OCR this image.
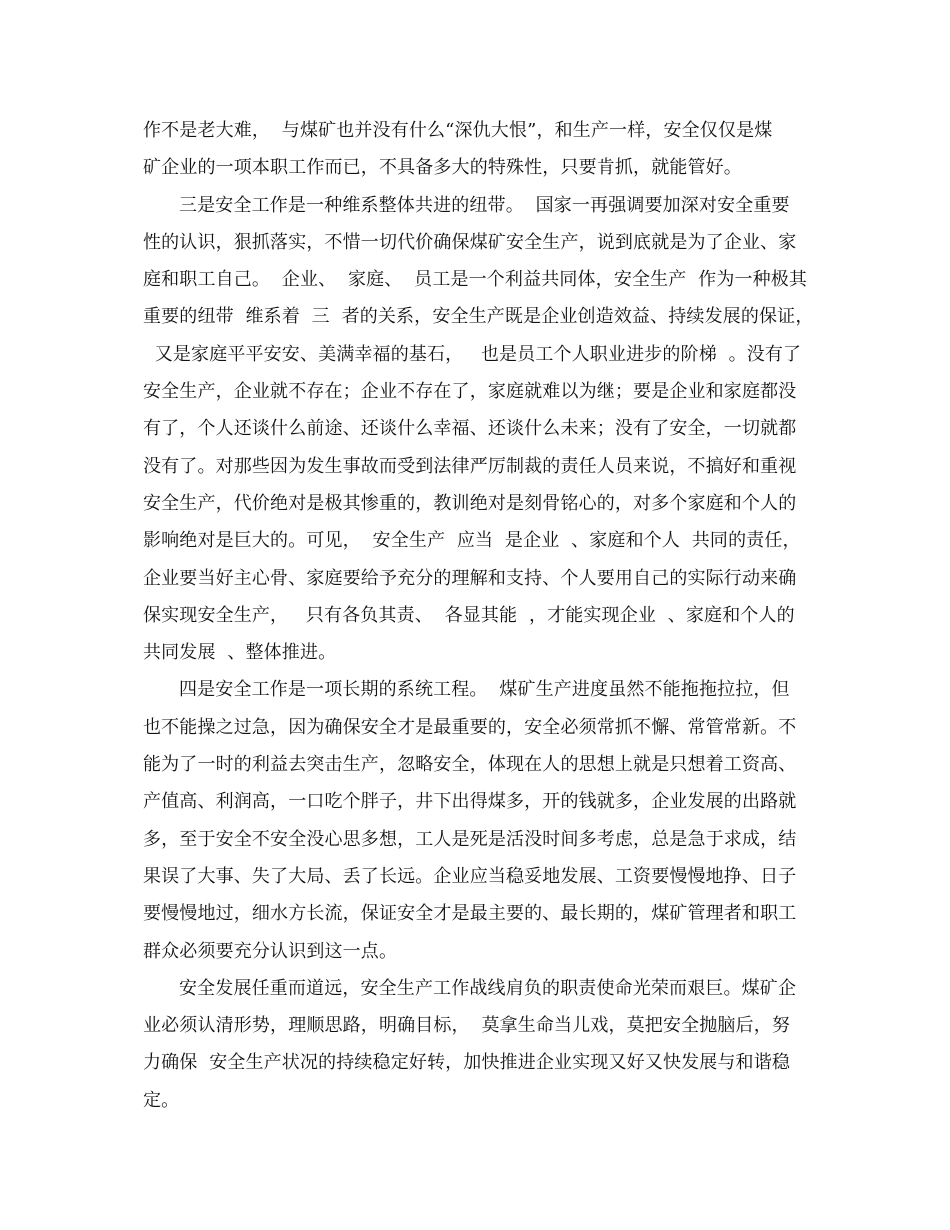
作不是老大难，  与煤矿也并没有什么“深仇大恨”，和生产一样，安全仅仅是煤
矿企业的一项本职工作而已，不具备多大的特殊性，只要肯抓，就能管好。
三是安全工作是一种维系整体共进的纽带。  国家一再强调要加深对安全重要
性的认识，狠抓落实，不惜一切代价确保煤矿安全生产，说到底就是为了企业、家
庭和职工自己。  企业、  家庭、  员工是一个利益共同体，安全生产  作为一种极其
重要的纽带  维系着  三  者的关系，安全生产既是企业创造效益、持续发展的保证，
又是家庭平平安安、美满幸福的基石，   也是员工个人职业进步的阶梯  。没有了
安全生产，企业就不存在；企业不存在了，家庭就难以为继；要是企业和家庭都没
有了，个人还谈什么前途、还谈什么幸福、还谈什么未来；没有了安全，一切就都
没有了。对那些因为发生事故而受到法律严厉制裁的责任人员来说，不搞好和重视
安全生产，代价绝对是极其惨重的，教训绝对是刻骨铭心的，对多个家庭和个人的
影响绝对是巨大的。可见，  安全生产  应当  是企业  、家庭和个人  共同的责任，
企业要当好主心骨、家庭要给予充分的理解和支持、个人要用自己的实际行动来确
保实现安全生产，   只有各负其责、  各显其能  ，才能实现企业  、家庭和个人的
共同发展  、整体推进。
四是安全工作是一项长期的系统工程。  煤矿生产进度虽然不能拖拖拉拉，但
也不能操之过急，因为确保安全才是最重要的，安全必须常抓不懈、常管常新。不
能为了一时的利益去突击生产，忽略安全，体现在人的思想上就是只想着工资高、
产值高、利润高，一口吃个胖子，井下出得煤多，开的钱就多，企业发展的出路就
多，至于安全不安全没心思多想，工人是死是活没时间多考虑，总是急于求成，结
果误了大事、失了大局、丢了长远。企业应当稳妥地发展、工资要慢慢地挣、日子
要慢慢地过，细水方长流，保证安全才是最主要的、最长期的，煤矿管理者和职工
群众必须要充分认识到这一点。
安全发展任重而道远，安全生产工作战线肩负的职责使命光荣而艰巨。煤矿企
业必须认清形势，理顺思路，明确目标，  莫拿生命当儿戏，莫把安全抛脑后，努
力确保  安全生产状况的持续稳定好转，加快推进企业实现又好又快发展与和谐稳
定。
